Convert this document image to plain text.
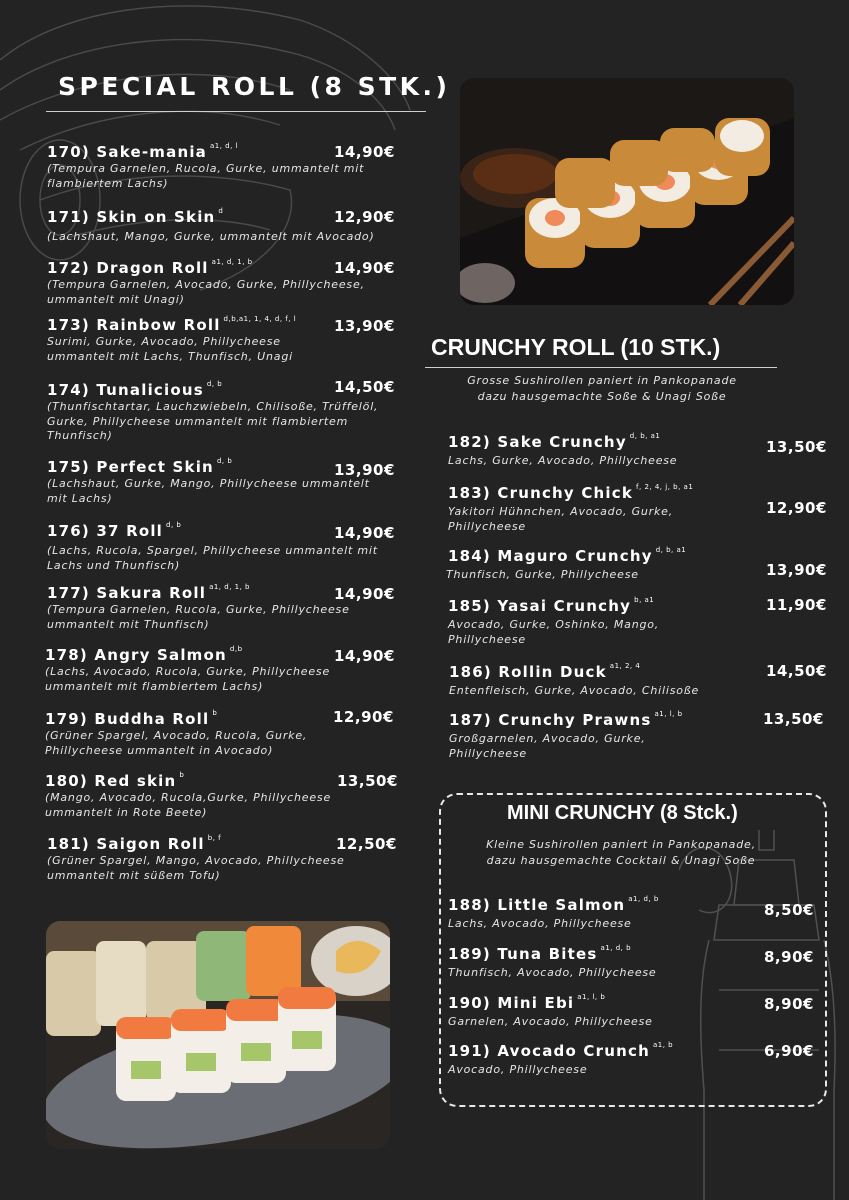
SPECIAL ROLL (8 STK.)
170) Sake-mania $^{a1, d, l}$
(Tempura Garnelen, Rucola, Gurke, ummantelt mit flambiertem Lachs)
14,90€
171) Skin on Skin $^d$
(Lachshaut, Mango, Gurke, ummantelt mit Avocado)
12,90€
172) Dragon Roll $^{a1, d, 1, b}$
(Tempura Garnelen, Avocado, Gurke, Phillycheese, ummantelt mit Unagi)
14,90€
173) Rainbow Roll $^{d,b,a1, 1, 4, d, f, l}$
Surimi, Gurke, Avocado, Phillycheese ummantelt mit Lachs, Thunfisch, Unagi
13,90€
174) Tunalicious $^{d, b}$
(Thunfischtartar, Lauchzwiebeln, Chilisoße, Trüffelöl, Gurke, Phillycheese ummantelt mit flambiertem Thunfisch)
14,50€
175) Perfect Skin $^{d, b}$
(Lachshaut, Gurke, Mango, Phillycheese ummantelt mit Lachs)
13,90€
176) 37 Roll $^{d, b}$
(Lachs, Rucola, Spargel, Phillycheese ummantelt mit Lachs und Thunfisch)
14,90€
177) Sakura Roll $^{a1, d, 1, b}$
(Tempura Garnelen, Rucola, Gurke, Phillycheese ummantelt mit Thunfisch)
14,90€
178) Angry Salmon $^{d,b}$
(Lachs, Avocado, Rucola, Gurke, Phillycheese ummantelt mit flambiertem Lachs)
14,90€
179) Buddha Roll $^b$
(Grüner Spargel, Avocado, Rucola, Gurke, Phillycheese ummantelt in Avocado)
12,90€
180) Red skin $^b$
(Mango, Avocado, Rucola,Gurke, Phillycheese ummantelt in Rote Beete)
13,50€
181) Saigon Roll $^{b, f}$
(Grüner Spargel, Mango, Avocado, Phillycheese ummantelt mit süßem Tofu)
12,50€
CRUNCHY ROLL (10 STK.)
Grosse Sushirollen paniert in Pankopanade
dazu hausgemachte Soße & Unagi Soße
182) Sake Crunchy $^{d, b, a1}$
Lachs, Gurke, Avocado, Phillycheese
13,50€
183) Crunchy Chick $^{f, 2, 4, j, b, a1}$
Yakitori Hühnchen, Avocado, Gurke, Phillycheese
12,90€
184) Maguro Crunchy $^{d, b, a1}$
Thunfisch, Gurke, Phillycheese	13,90€
185) Yasai Crunchy $^{b, a1}$
Avocado, Gurke, Oshinko, Mango, Phillycheese
11,90€
186) Rollin Duck $^{a1, 2, 4}$
Entenfleisch, Gurke, Avocado, Chilisoße
14,50€
187) Crunchy Prawns $^{a1, l, b}$
Großgarnelen, Avocado, Gurke, Phillycheese
13,50€
MINI CRUNCHY (8 Stck.)
Kleine Sushirollen paniert in Pankopanade,
dazu hausgemachte Cocktail & Unagi Soße
188) Little Salmon $^{a1, d, b}$
Lachs, Avocado, Phillycheese
8,50€
189) Tuna Bites $^{a1, d, b}$
Thunfisch, Avocado, Phillycheese
8,90€
190) Mini Ebi $^{a1, l, b}$
Garnelen, Avocado, Phillycheese
8,90€
191) Avocado Crunch $^{a1, b}$
Avocado, Phillycheese
6,90€
